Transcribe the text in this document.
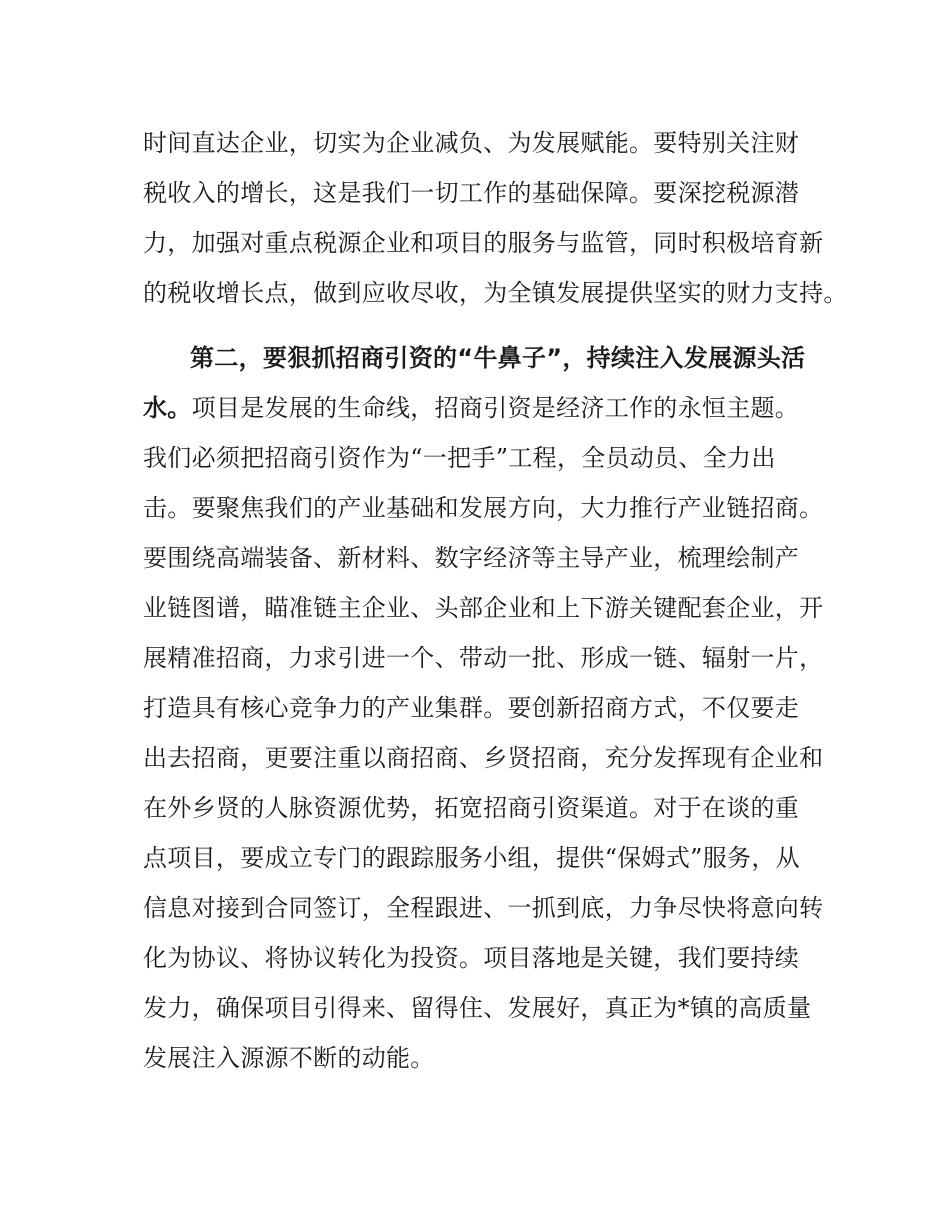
时间直达企业，切实为企业减负、为发展赋能。要特别关注财
税收入的增长，这是我们一切工作的基础保障。要深挖税源潜
力，加强对重点税源企业和项目的服务与监管，同时积极培育新
的税收增长点，做到应收尽收，为全镇发展提供坚实的财力支持。
第二，要狠抓招商引资的“牛鼻子”，持续注入发展源头活
水。项目是发展的生命线，招商引资是经济工作的永恒主题。
我们必须把招商引资作为“一把手”工程，全员动员、全力出
击。要聚焦我们的产业基础和发展方向，大力推行产业链招商。
要围绕高端装备、新材料、数字经济等主导产业，梳理绘制产
业链图谱，瞄准链主企业、头部企业和上下游关键配套企业，开
展精准招商，力求引进一个、带动一批、形成一链、辐射一片，
打造具有核心竞争力的产业集群。要创新招商方式，不仅要走
出去招商，更要注重以商招商、乡贤招商，充分发挥现有企业和
在外乡贤的人脉资源优势，拓宽招商引资渠道。对于在谈的重
点项目，要成立专门的跟踪服务小组，提供“保姆式”服务，从
信息对接到合同签订，全程跟进、一抓到底，力争尽快将意向转
化为协议、将协议转化为投资。项目落地是关键，我们要持续
发力，确保项目引得来、留得住、发展好，真正为*镇的高质量
发展注入源源不断的动能。
